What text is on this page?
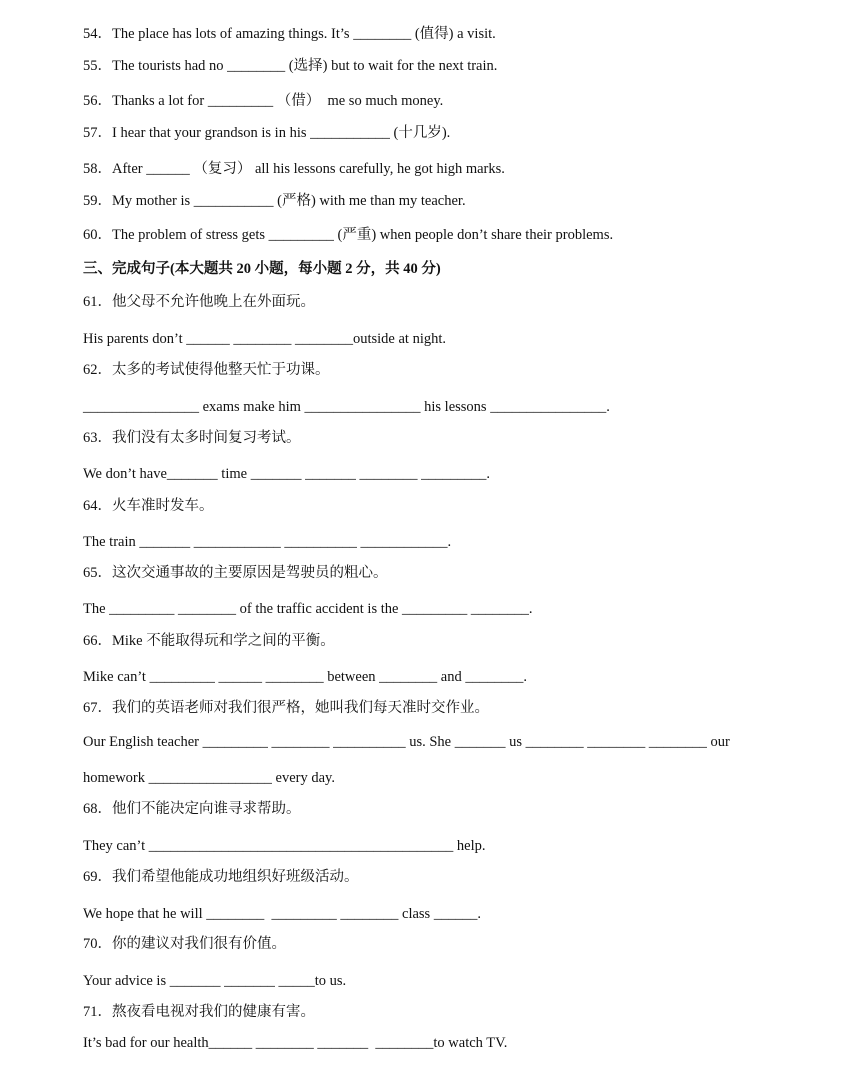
54．The place has lots of amazing things. It’s ________ (值得) a visit.
55．The tourists had no ________ (选择) but to wait for the next train.
56．Thanks a lot for _________ （借）  me so much money.
57．I hear that your grandson is in his ___________ (十几岁).
58．After ______ （复习） all his lessons carefully, he got high marks.
59．My mother is ___________ (严格) with me than my teacher.
60．The problem of stress gets _________ (严重) when people don’t share their problems.
三、完成句子(本大题共 20 小题，每小题 2 分，共 40 分)
61．他父母不允许他晚上在外面玩。
His parents don’t ______ ________ ________outside at night.
62．太多的考试使得他整天忙于功课。
________________ exams make him ________________ his lessons ________________.
63．我们没有太多时间复习考试。
We don’t have_______ time _______ _______ ________ _________.
64．火车准时发车。
The train _______ ____________ __________ ____________.
65．这次交通事故的主要原因是驾驶员的粗心。
The _________ ________ of the traffic accident is the _________ ________.
66．Mike 不能取得玩和学之间的平衡。
Mike can’t _________ ______ ________ between ________ and ________.
67．我们的英语老师对我们很严格，她叫我们每天准时交作业。
Our English teacher _________ ________ __________ us. She _______ us ________ ________ ________ our
homework _________________ every day.
68．他们不能决定向谁寻求帮助。
They can’t __________________________________________ help.
69．我们希望他能成功地组织好班级活动。
We hope that he will ________  _________ ________ class ______.
70．你的建议对我们很有价值。
Your advice is _______ _______ _____to us.
71．熬夜看电视对我们的健康有害。
It’s bad for our health______ ________ _______  ________to watch TV.
